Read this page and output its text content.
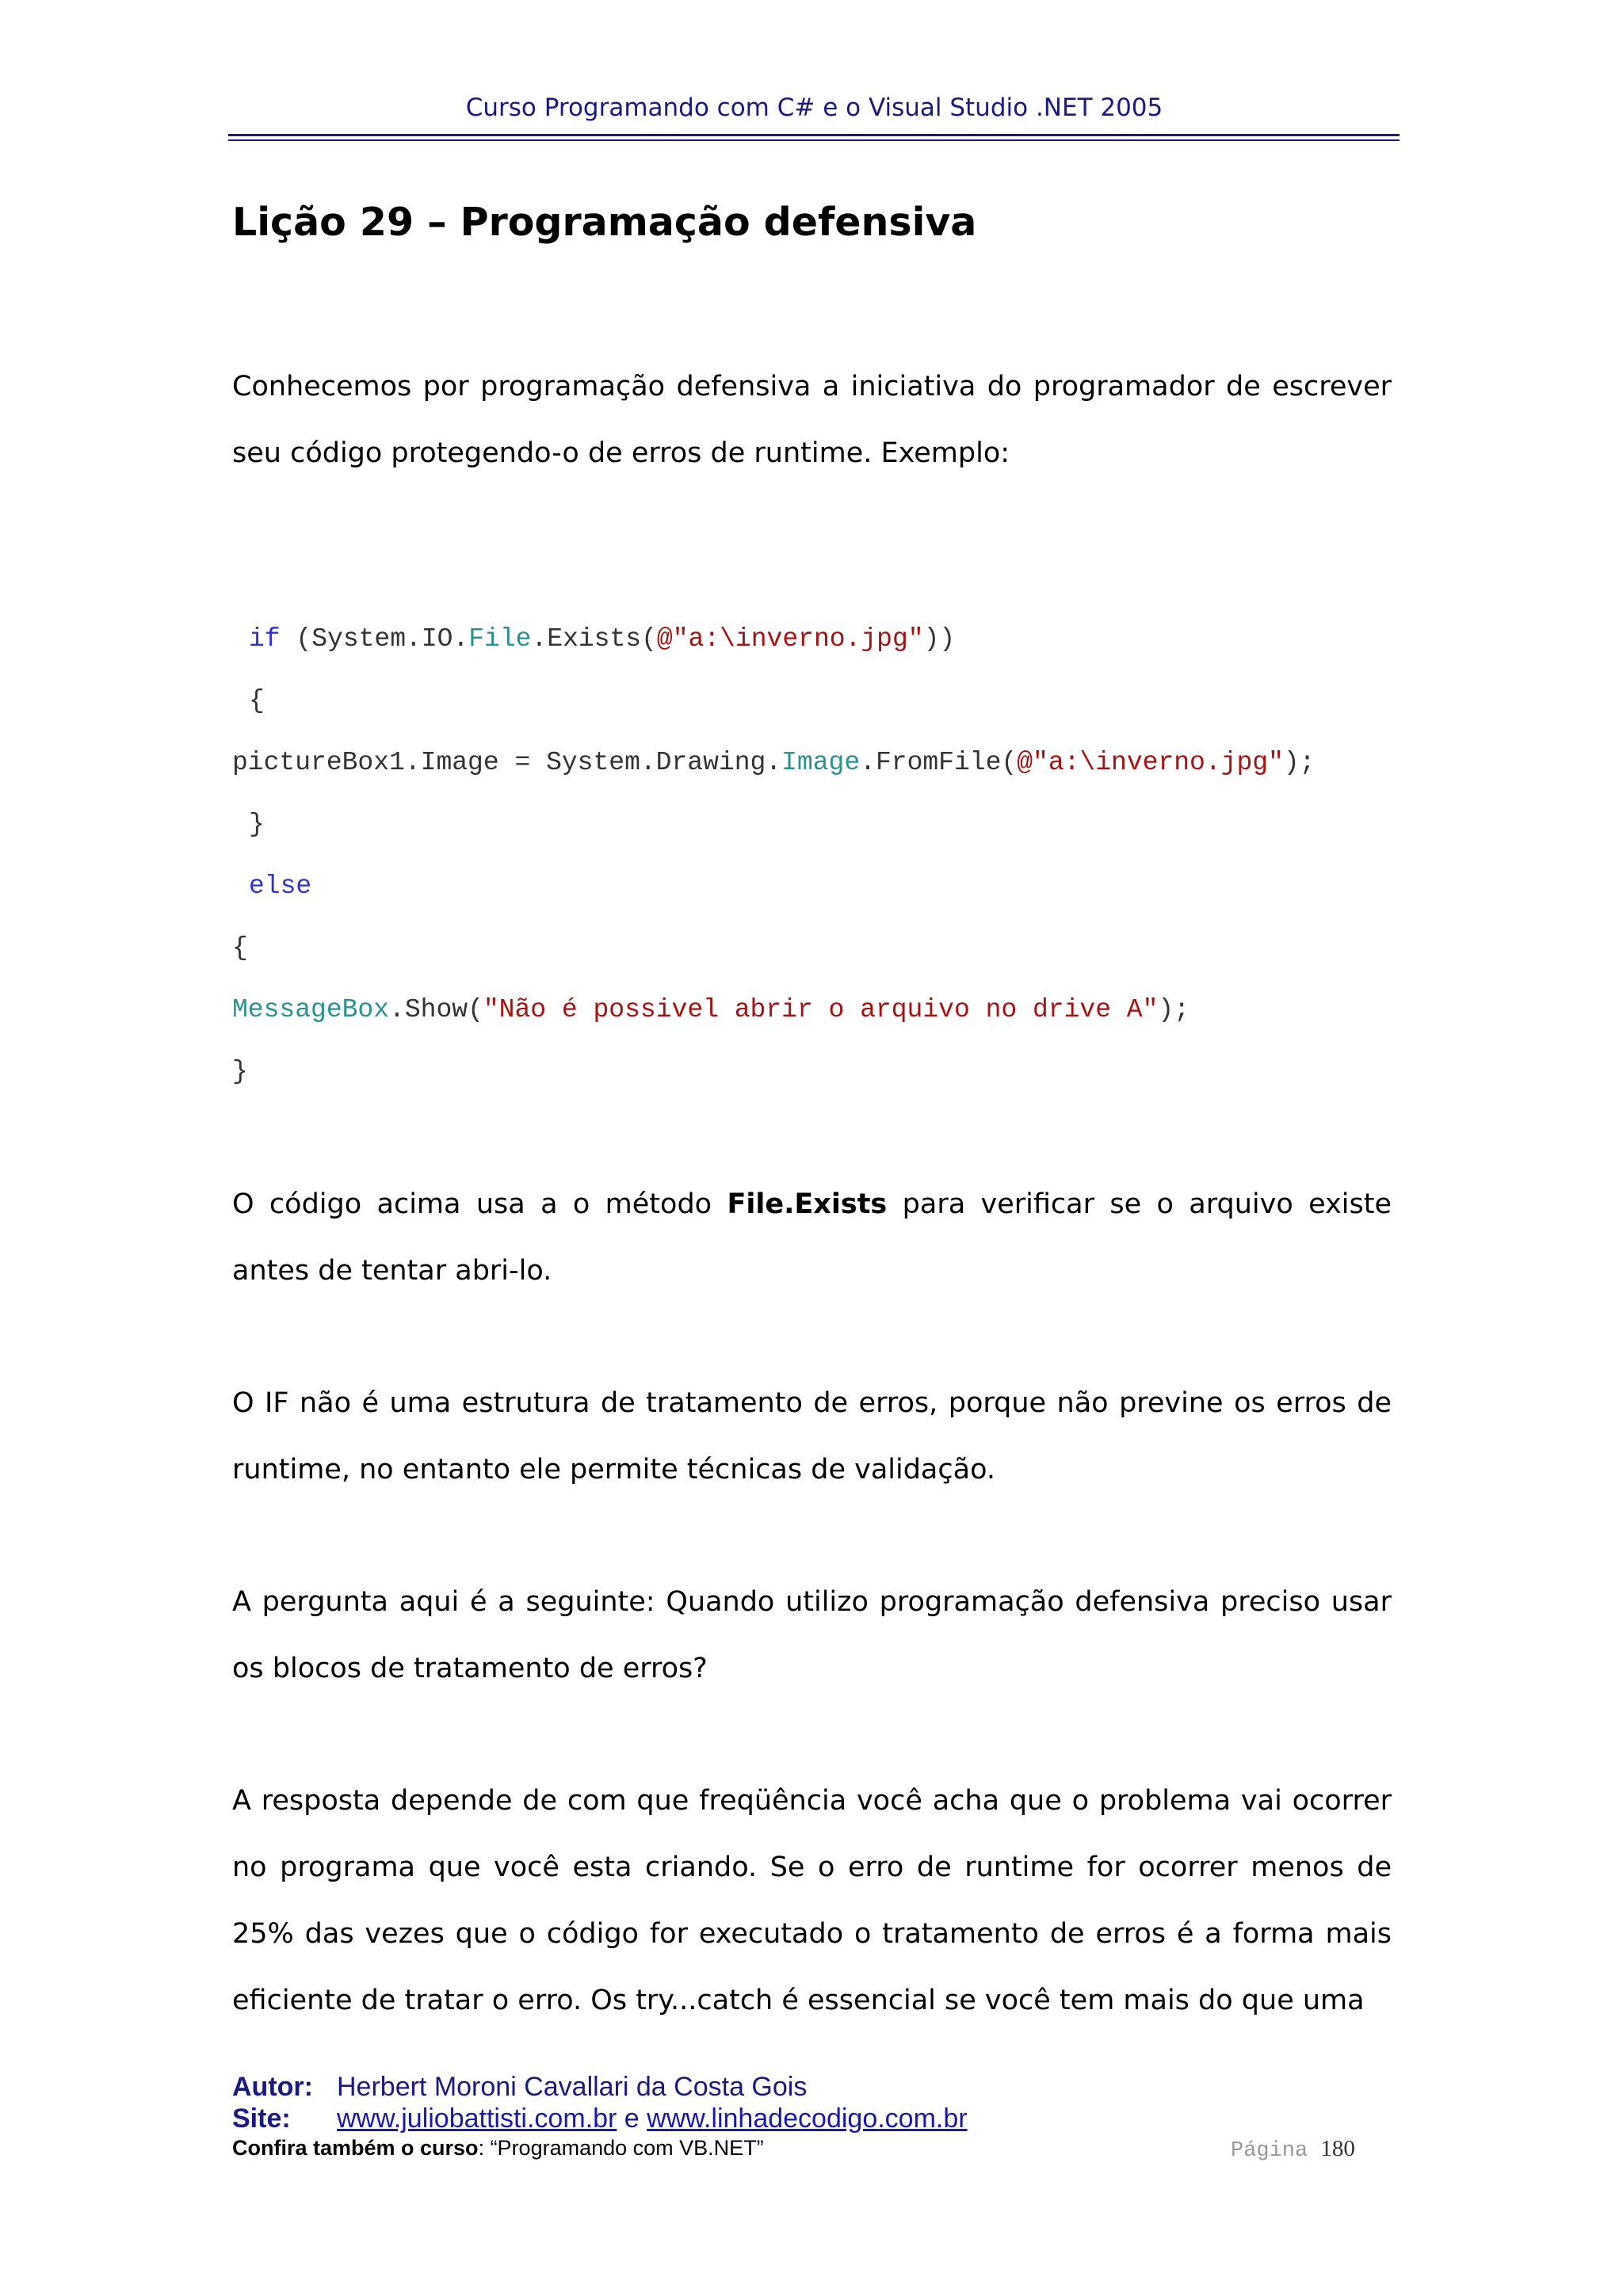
Curso Programando com C# e o Visual Studio .NET 2005
Lição 29 – Programação defensiva

Conhecemos por programação defensiva a iniciativa do programador de escrever seu código protegendo-o de erros de runtime. Exemplo:

if (System.IO.File.Exists(@"a:\inverno.jpg"))
{
pictureBox1.Image = System.Drawing.Image.FromFile(@"a:\inverno.jpg");
}
else
{
MessageBox.Show("Não é possivel abrir o arquivo no drive A");
}

O código acima usa a o método File.Exists para verificar se o arquivo existe antes de tentar abri-lo.

O IF não é uma estrutura de tratamento de erros, porque não previne os erros de runtime, no entanto ele permite técnicas de validação.

A pergunta aqui é a seguinte: Quando utilizo programação defensiva preciso usar os blocos de tratamento de erros?

A resposta depende de com que freqüência você acha que o problema vai ocorrer no programa que você esta criando. Se o erro de runtime for ocorrer menos de 25% das vezes que o código for executado o tratamento de erros é a forma mais eficiente de tratar o erro. Os try...catch é essencial se você tem mais do que uma

Autor: Herbert Moroni Cavallari da Costa Gois
Site: www.juliobattisti.com.br e www.linhadecodigo.com.br
Confira também o curso: “Programando com VB.NET”	Página 180
